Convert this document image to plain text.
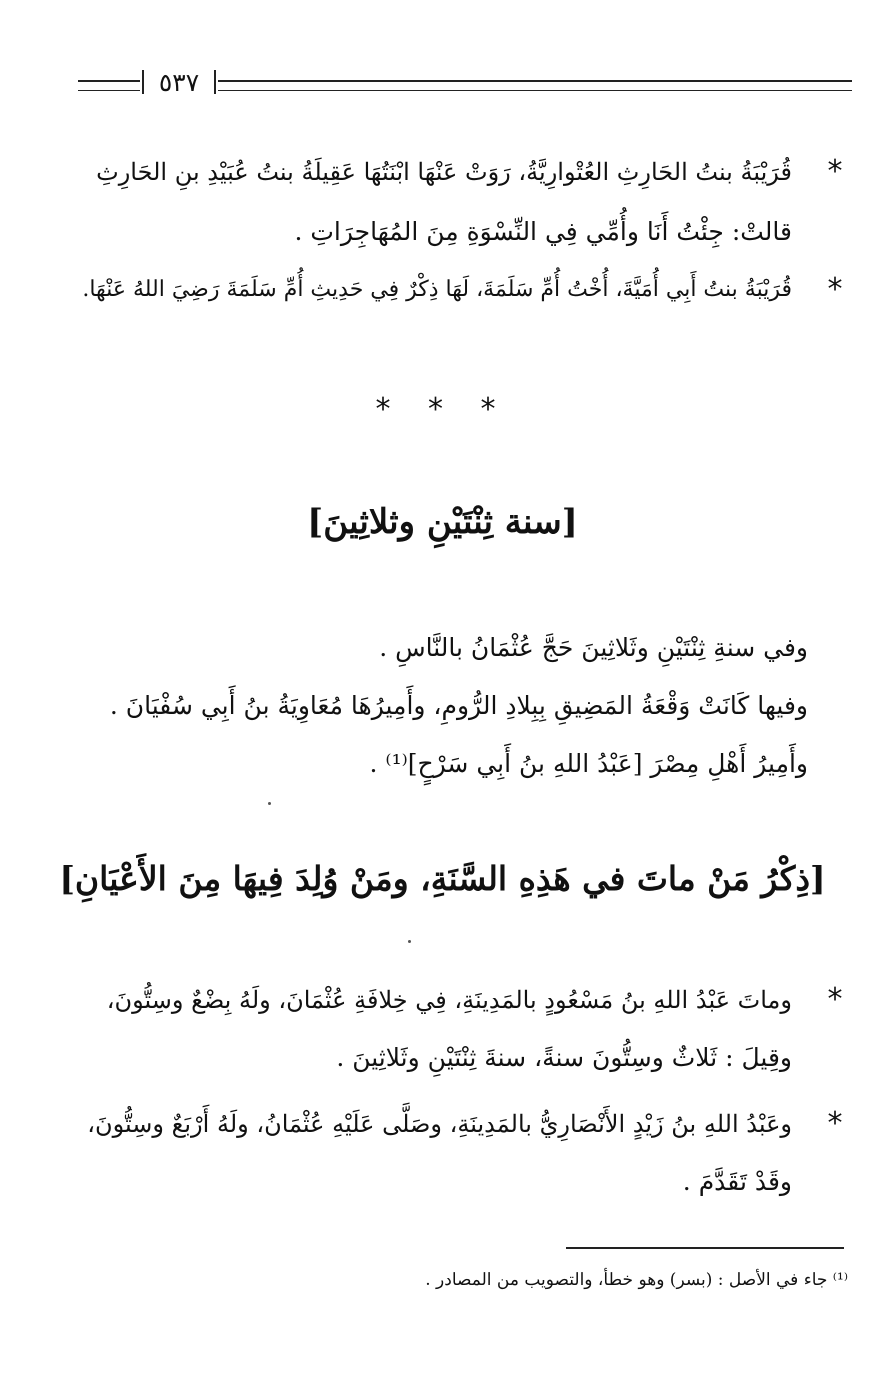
٥٣٧
*
قُرَيْبَةُ بنتُ الحَارِثِ العُتْوارِيَّةُ، رَوَتْ عَنْهَا ابْنَتُهَا عَقِيلَةُ بنتُ عُبَيْدِ بنِ الحَارِثِ
قالتْ: جِئْتُ أَنَا وأُمِّي فِي النِّسْوَةِ مِنَ المُهَاجِرَاتِ .
*
قُرَيْبَةُ بنتُ أَبِي أُمَيَّةَ، أُخْتُ أُمِّ سَلَمَةَ، لَهَا ذِكْرٌ فِي حَدِيثِ أُمِّ سَلَمَةَ رَضِيَ اللهُ عَنْهَا.
* * *
[سنة ثِنْتَيْنِ وثلاثِينَ]
وفي سنةِ ثِنْتَيْنِ وثَلاثِينَ حَجَّ عُثْمَانُ بالنَّاسِ .
وفيها كَانَتْ وَقْعَةُ المَضِيقِ بِبِلادِ الرُّومِ، وأَمِيرُهَا مُعَاوِيَةُ بنُ أَبِي سُفْيَانَ .
وأَمِيرُ أَهْلِ مِصْرَ [عَبْدُ اللهِ بنُ أَبِي سَرْحٍ]⁽¹⁾ .
[ذِكْرُ مَنْ ماتَ في هَذِهِ السَّنَةِ، ومَنْ وُلِدَ فِيهَا مِنَ الأَعْيَانِ]
*
وماتَ عَبْدُ اللهِ بنُ مَسْعُودٍ بالمَدِينَةِ، فِي خِلافَةِ عُثْمَانَ، ولَهُ بِضْعٌ وسِتُّونَ،
وقِيلَ : ثَلاثٌ وسِتُّونَ سنةً، سنةَ ثِنْتَيْنِ وثَلاثِينَ .
*
وعَبْدُ اللهِ بنُ زَيْدٍ الأَنْصَارِيُّ بالمَدِينَةِ، وصَلَّى عَلَيْهِ عُثْمَانُ، ولَهُ أَرْبَعٌ وسِتُّونَ،
وقَدْ تَقَدَّمَ .
⁽¹⁾ جاء في الأصل : (بسر) وهو خطأ، والتصويب من المصادر .
